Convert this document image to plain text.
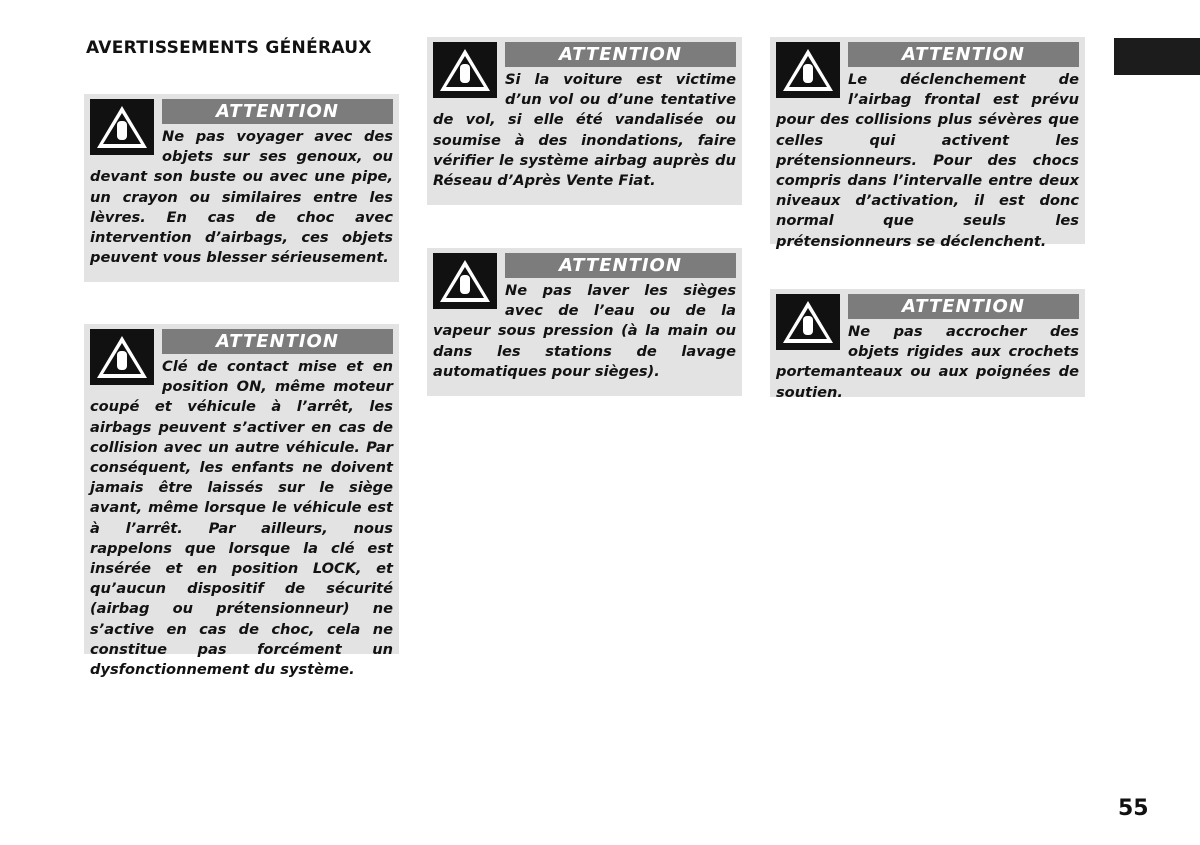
AVERTISSEMENTS GÉNÉRAUX
ATTENTION

Ne pas voyager avec des objets sur ses genoux, ou devant son buste ou avec une pipe, un crayon ou similaires entre les lèvres. En cas de choc avec intervention d’airbags, ces objets peuvent vous blesser sérieusement.

ATTENTION

Clé de contact mise et en position ON, même moteur coupé et véhicule à l’arrêt, les airbags peuvent s’activer en cas de collision avec un autre véhicule. Par conséquent, les enfants ne doivent jamais être laissés sur le siège avant, même lorsque le véhicule est à l’arrêt. Par ailleurs, nous rappelons que lorsque la clé est insérée et en position LOCK, et qu’aucun dispositif de sécurité (airbag ou prétensionneur) ne s’active en cas de choc, cela ne constitue pas forcément un dysfonctionnement du système.

ATTENTION

Si la voiture est victime d’un vol ou d’une tentative de vol, si elle été vandalisée ou soumise à des inondations, faire vérifier le système airbag auprès du Réseau d’Après Vente Fiat.

ATTENTION

Ne pas laver les sièges avec de l’eau ou de la vapeur sous pression (à la main ou dans les stations de lavage automatiques pour sièges).

ATTENTION

Le déclenchement de l’airbag frontal est prévu pour des collisions plus sévères que celles qui activent les prétensionneurs. Pour des chocs compris dans l’intervalle entre deux niveaux d’activation, il est donc normal que seuls les prétensionneurs se déclenchent.

ATTENTION

Ne pas accrocher des objets rigides aux crochets portemanteaux ou aux poignées de soutien.

55
